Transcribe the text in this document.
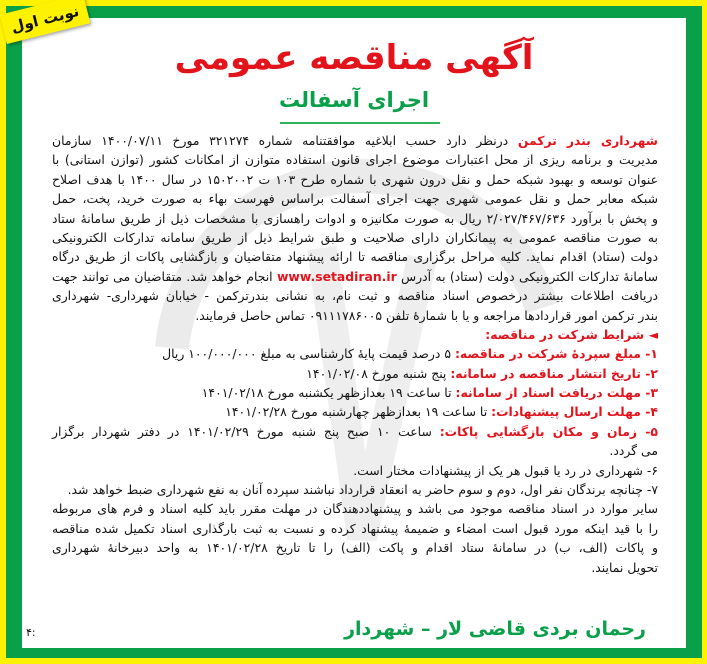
نوبت اول
آگهی مناقصه عمومی
اجرای آسفالت
شهرداری بندر ترکمن درنظر دارد حسب ابلاغیه موافقتنامه شماره ۳۲۱۲۷۴ مورخ ۱۴۰۰/۰۷/۱۱ سازمان
مدیریت و برنامه ریزی از محل اعتبارات موضوع اجرای قانون استفاده متوازن از امکانات کشور (توازن استانی) با
عنوان توسعه و بهبود شبکه حمل و نقل درون شهری با شماره طرح ۱۰۳ ت ۱۵۰۲۰۰۲ در سال ۱۴۰۰ با هدف اصلاح
شبکه معابر حمل و نقل عمومی شهری جهت اجرای آسفالت براساس فهرست بهاء به صورت خرید، پخت، حمل
و پخش با برآورد ۲/۰۲۷/۴۶۷/۶۳۶ ریال به صورت مکانیزه و ادوات راهسازی با مشخصات ذیل از طریق سامانهٔ ستاد
به صورت مناقصه عمومی به پیمانکاران دارای صلاحیت و طبق شرایط ذیل از طریق سامانه تدارکات الکترونیکی
دولت (ستاد) اقدام نماید. کلیه مراحل برگزاری مناقصه تا ارائه پیشنهاد متقاضیان و بازگشایی پاکات از طریق درگاه
سامانهٔ تدارکات الکترونیکی دولت (ستاد) به آدرس www.setadiran.ir انجام خواهد شد. متقاضیان می توانند جهت
دریافت اطلاعات بیشتر درخصوص اسناد مناقصه و ثبت نام، به نشانی بندرترکمن - خیابان شهرداری- شهرداری
بندر ترکمن امور قراردادها مراجعه و یا با شمارهٔ تلفن ۰۹۱۱۱۷۸۶۰۰۵ تماس حاصل فرمایند.
◄ شرایط شرکت در مناقصه:
۱- مبلغ سپردهٔ شرکت در مناقصه: ۵ درصد قیمت پایهٔ کارشناسی به مبلغ ۱۰۰/۰۰۰/۰۰۰ ریال
۲- تاریخ انتشار مناقصه در سامانه: پنج شنبه مورخ ۱۴۰۱/۰۲/۰۸
۳- مهلت دریافت اسناد از سامانه: تا ساعت ۱۹ بعدازظهر یکشنبه مورخ ۱۴۰۱/۰۲/۱۸
۴- مهلت ارسال پیشنهادات: تا ساعت ۱۹ بعدازظهر چهارشنبه مورخ ۱۴۰۱/۰۲/۲۸
۵- زمان و مکان بازگشایی پاکات: ساعت ۱۰ صبح پنج شنبه مورخ ۱۴۰۱/۰۲/۲۹ در دفتر شهردار برگزار
می گردد.
۶- شهرداری در رد یا قبول هر یک از پیشنهادات مختار است.
۷- چنانچه برندگان نفر اول، دوم و سوم حاضر به انعقاد قرارداد نباشند سپرده آنان به نفع شهرداری ضبط خواهد شد.
سایر موارد در اسناد مناقصه موجود می باشد و پیشنهاددهندگان در مهلت مقرر باید کلیه اسناد و فرم های مربوطه
را با قید اینکه مورد قبول است امضاء و ضمیمهٔ پیشنهاد کرده و نسبت به ثبت بارگذاری اسناد تکمیل شده مناقصه
و پاکات (الف، ب) در سامانهٔ ستاد اقدام و پاکت (الف) را تا تاریخ ۱۴۰۱/۰۲/۲۸ به واحد دبیرخانهٔ شهرداری
تحویل نمایند.
رحمان بردی قاضی لار – شهردار
۴:
